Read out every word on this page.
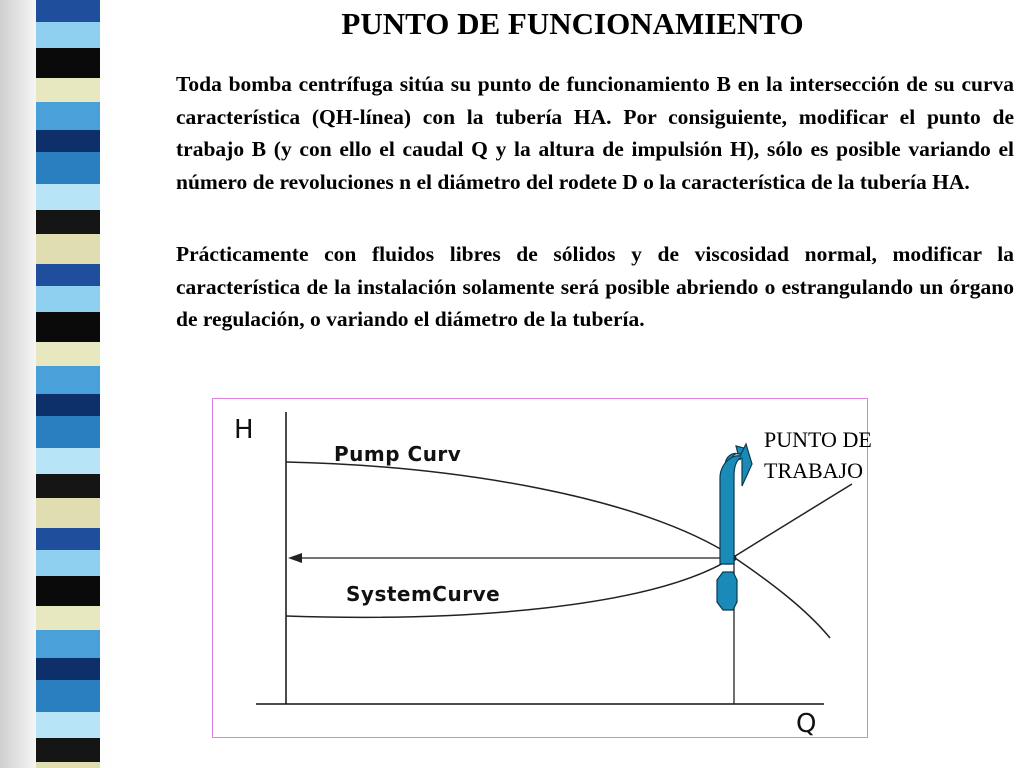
PUNTO DE FUNCIONAMIENTO

Toda bomba centrífuga sitúa su punto de funcionamiento B en la intersección de su curva característica (QH-línea) con la tubería HA. Por consiguiente, modificar el punto de trabajo B (y con ello el caudal Q y la altura de impulsión H), sólo es posible variando el número de revoluciones n el diámetro del rodete D o la característica de la tubería HA.

Prácticamente con fluidos libres de sólidos y de viscosidad normal, modificar la característica de la instalación solamente será posible abriendo o estrangulando un órgano de regulación, o variando el diámetro de la tubería.

H
Q
Pump Curv
SystemCurve
PUNTO DE
TRABAJO
